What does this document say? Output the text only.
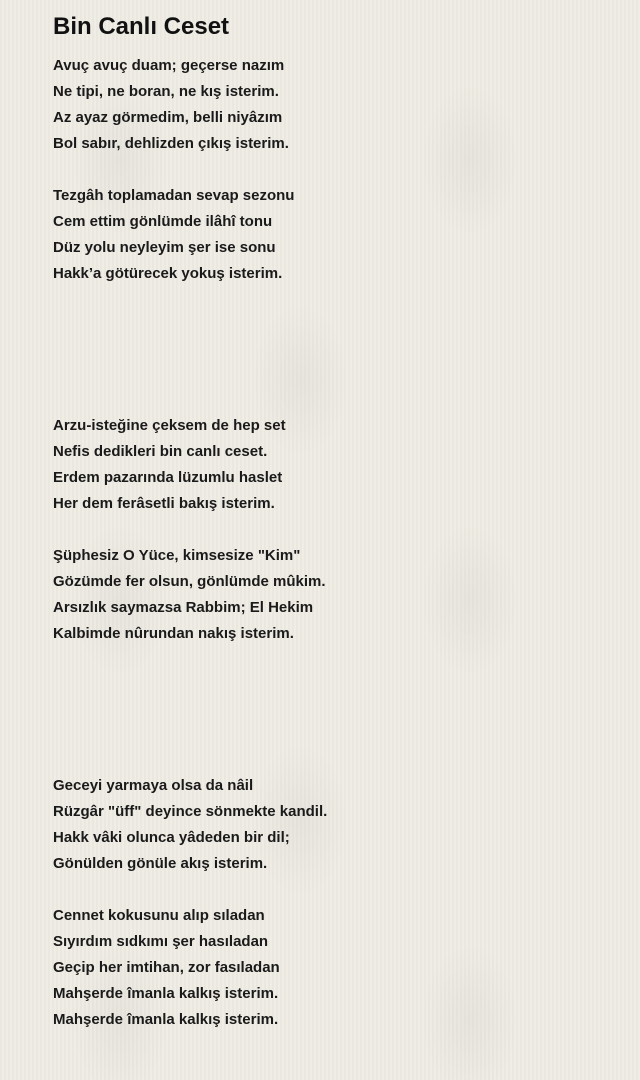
Bin Canlı Ceset
Avuç avuç duam; geçerse nazım
Ne tipi, ne boran, ne kış isterim.
Az ayaz görmedim, belli niyâzım
Bol sabır, dehlizden çıkış isterim.
Tezgâh toplamadan sevap sezonu
Cem ettim gönlümde ilâhî tonu
Düz yolu neyleyim şer ise sonu
Hakk’a götürecek yokuş isterim.
Arzu-isteğine çeksem de hep set
Nefis dedikleri bin canlı ceset.
Erdem pazarında lüzumlu haslet
Her dem ferâsetli bakış isterim.
Şüphesiz O Yüce, kimsesize "Kim"
Gözümde fer olsun, gönlümde mûkim.
Arsızlık saymazsa Rabbim; El Hekim
Kalbimde nûrundan nakış isterim.
Geceyi yarmaya olsa da nâil
Rüzgâr "üff" deyince sönmekte kandil.
Hakk vâki olunca yâdeden bir dil;
Gönülden gönüle akış isterim.
Cennet kokusunu alıp sıladan
Sıyırdım sıdkımı şer hasıladan
Geçip her imtihan, zor fasıladan
Mahşerde îmanla kalkış isterim.
Mahşerde îmanla kalkış isterim.
